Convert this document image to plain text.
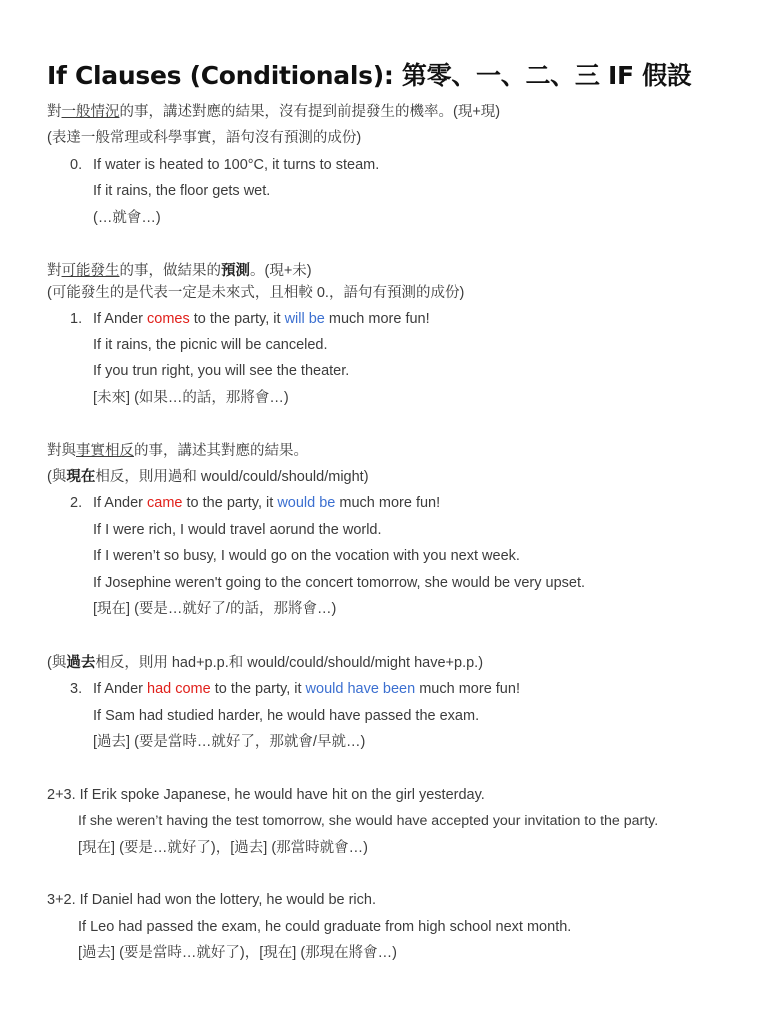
If Clauses (Conditionals): 第零、一、二、三 IF 假設
對一般情況的事，講述對應的結果，沒有提到前提發生的機率。(現+現)
(表達一般常理或科學事實，語句沒有預測的成份)
0. If water is heated to 100°C, it turns to steam.
If it rains, the floor gets wet.
(…就會…)
對可能發生的事，做結果的預測。(現+未)
(可能發生的是代表一定是未來式，且相較 0.，語句有預測的成份)
1. If Ander comes to the party, it will be much more fun!
If it rains, the picnic will be canceled.
If you trun right, you will see the theater.
[未來] (如果…的話，那將會…)
對與事實相反的事，講述其對應的結果。
(與現在相反，則用過和 would/could/should/might)
2. If Ander came to the party, it would be much more fun!
If I were rich, I would travel aorund the world.
If I weren’t so busy, I would go on the vocation with you next week.
If Josephine weren't going to the concert tomorrow, she would be very upset.
[現在] (要是…就好了/的話，那將會…)
(與過去相反，則用 had+p.p.和 would/could/should/might have+p.p.)
3. If Ander had come to the party, it would have been much more fun!
If Sam had studied harder, he would have passed the exam.
[過去] (要是當時…就好了，那就會/早就…)
2+3. If Erik spoke Japanese, he would have hit on the girl yesterday.
If she weren’t having the test tomorrow, she would have accepted your invitation to the party.
[現在] (要是…就好了)，[過去] (那當時就會…)
3+2. If Daniel had won the lottery, he would be rich.
If Leo had passed the exam, he could graduate from high school next month.
[過去] (要是當時…就好了)，[現在] (那現在將會…)
